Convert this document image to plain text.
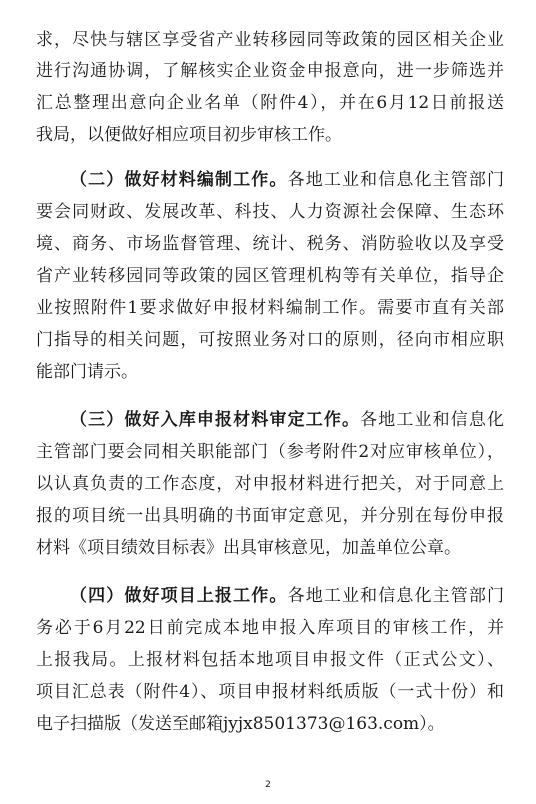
求，尽快与辖区享受省产业转移园同等政策的园区相关企业
进行沟通协调，了解核实企业资金申报意向，进一步筛选并
汇总整理出意向企业名单（附件4），并在6月12日前报送
我局，以便做好相应项目初步审核工作。
（二）做好材料编制工作。各地工业和信息化主管部门
要会同财政、发展改革、科技、人力资源社会保障、生态环
境、商务、市场监督管理、统计、税务、消防验收以及享受
省产业转移园同等政策的园区管理机构等有关单位，指导企
业按照附件1要求做好申报材料编制工作。需要市直有关部
门指导的相关问题，可按照业务对口的原则，径向市相应职
能部门请示。
（三）做好入库申报材料审定工作。各地工业和信息化
主管部门要会同相关职能部门（参考附件2对应审核单位），
以认真负责的工作态度，对申报材料进行把关，对于同意上
报的项目统一出具明确的书面审定意见，并分别在每份申报
材料《项目绩效目标表》出具审核意见，加盖单位公章。
（四）做好项目上报工作。各地工业和信息化主管部门
务必于6月22日前完成本地申报入库项目的审核工作，并
上报我局。上报材料包括本地项目申报文件（正式公文）、
项目汇总表（附件4）、项目申报材料纸质版（一式十份）和
电子扫描版（发送至邮箱jyjx8501373@163.com）。
2
